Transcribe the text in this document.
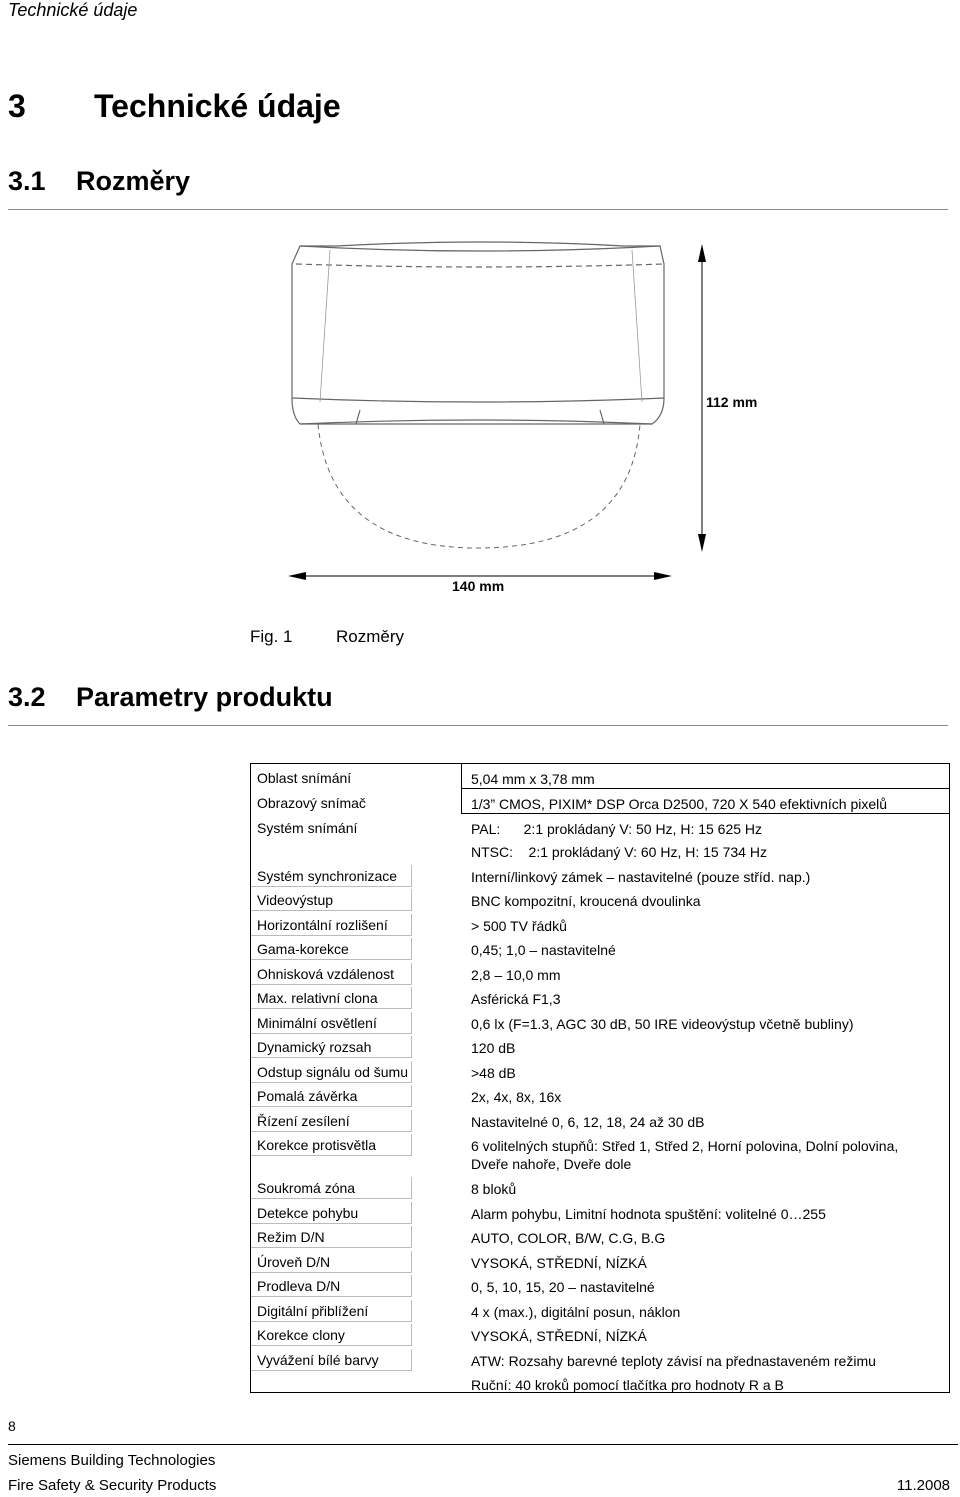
Technické údaje
3 Technické údaje
3.1 Rozměry
112 mm
140 mm
Fig. 1	Rozměry
3.2 Parametry produktu
Oblast snímání	5,04 mm x 3,78 mm
Obrazový snímač	1/3” CMOS, PIXIM* DSP Orca D2500, 720 X 540 efektivních pixelů
Systém snímání	PAL:      2:1 prokládaný V: 50 Hz, H: 15 625 Hz
NTSC:    2:1 prokládaný V: 60 Hz, H: 15 734 Hz
Systém synchronizace	Interní/linkový zámek – nastavitelné (pouze stříd. nap.)
Videovýstup	BNC kompozitní, kroucená dvoulinka
Horizontální rozlišení	> 500 TV řádků
Gama-korekce	0,45; 1,0 – nastavitelné
Ohnisková vzdálenost	2,8 – 10,0 mm
Max. relativní clona	Asférická F1,3
Minimální osvětlení	0,6 lx (F=1.3, AGC 30 dB, 50 IRE videovýstup včetně bubliny)
Dynamický rozsah	120 dB
Odstup signálu od šumu	>48 dB
Pomalá závěrka	2x, 4x, 8x, 16x
Řízení zesílení	Nastavitelné 0, 6, 12, 18, 24 až 30 dB
Korekce protisvětla	6 volitelných stupňů: Střed 1, Střed 2, Horní polovina, Dolní polovina,
Dveře nahoře, Dveře dole
Soukromá zóna	8 bloků
Detekce pohybu	Alarm pohybu, Limitní hodnota spuštění: volitelné 0…255
Režim D/N	AUTO, COLOR, B/W, C.G, B.G
Úroveň D/N	VYSOKÁ, STŘEDNÍ, NÍZKÁ
Prodleva D/N	0, 5, 10, 15, 20 – nastavitelné
Digitální přiblížení	4 x (max.), digitální posun, náklon
Korekce clony	VYSOKÁ, STŘEDNÍ, NÍZKÁ
Vyvážení bílé barvy	ATW: Rozsahy barevné teploty závisí na přednastaveném režimu
Ruční: 40 kroků pomocí tlačítka pro hodnoty R a B
8
Siemens Building Technologies
Fire Safety & Security Products	11.2008
